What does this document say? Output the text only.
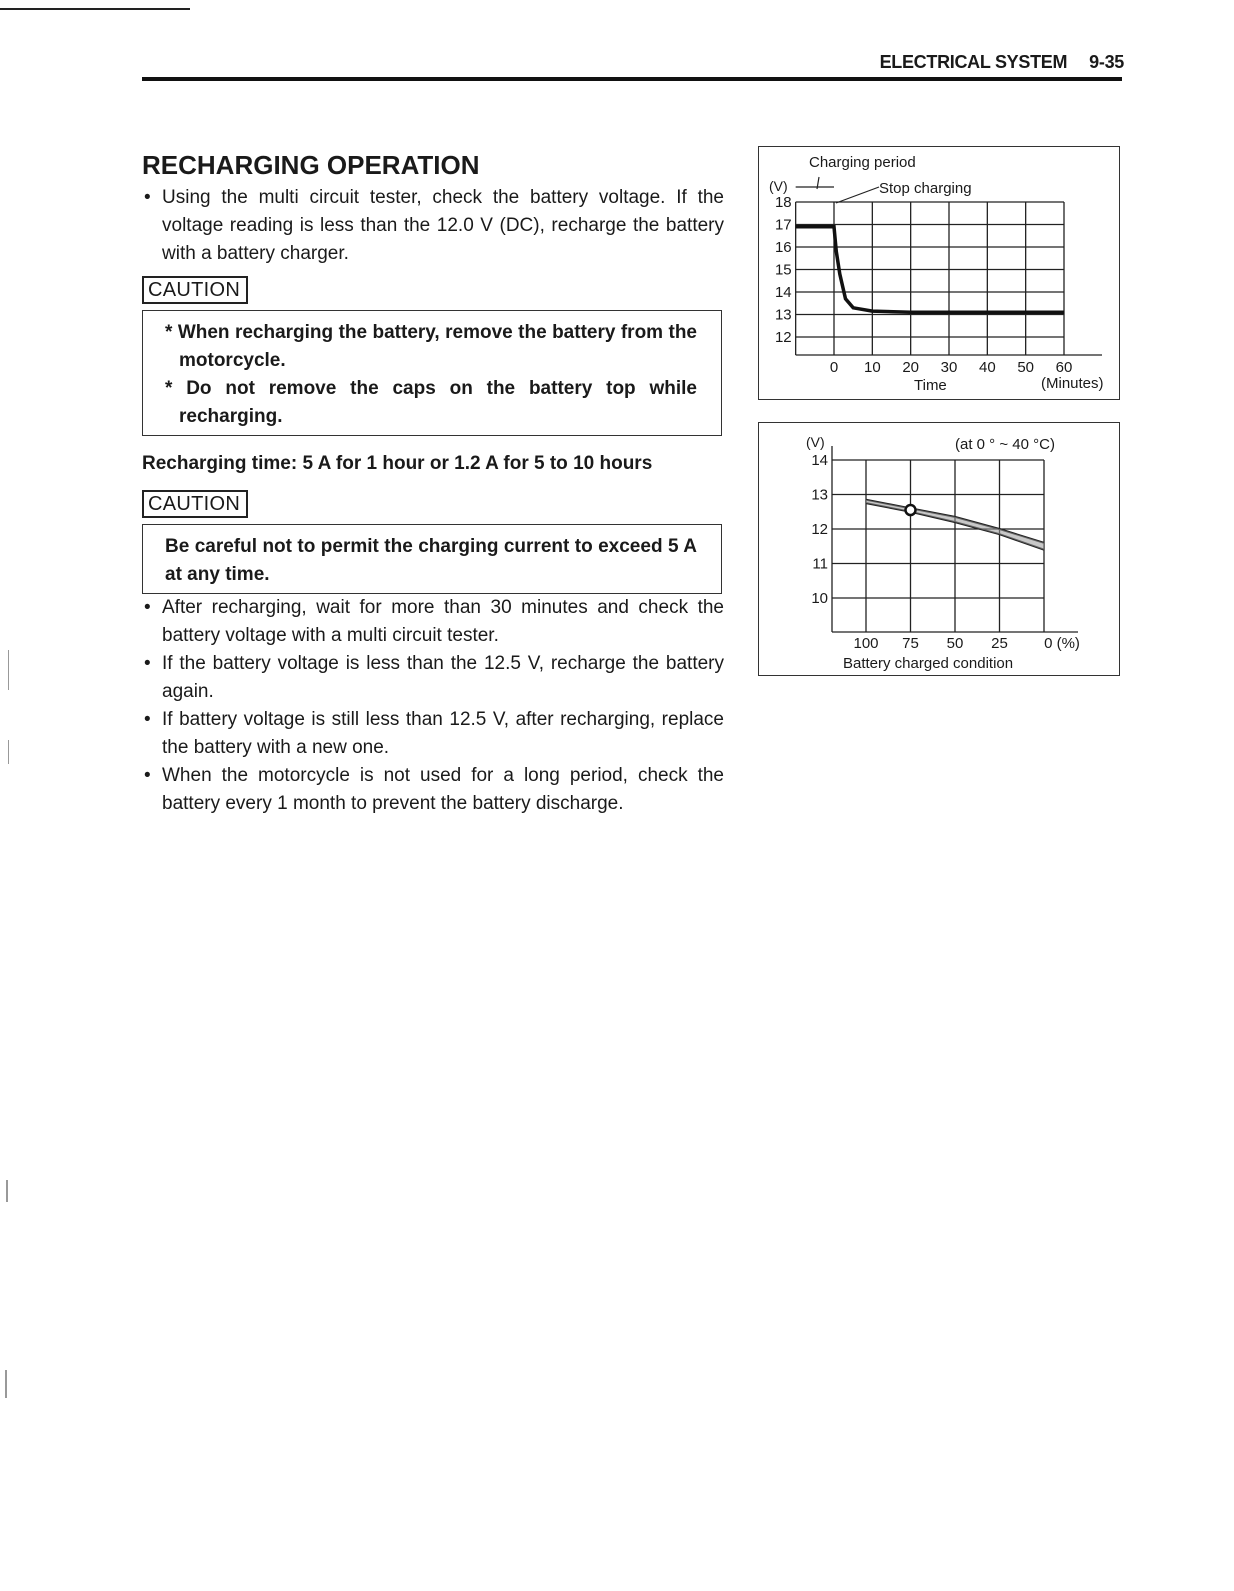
ELECTRICAL SYSTEM 9-35
RECHARGING OPERATION
• Using the multi circuit tester, check the battery voltage. If the voltage reading is less than the 12.0 V (DC), recharge the battery with a battery charger.
CAUTION
* When recharging the battery, remove the battery from the motorcycle.
* Do not remove the caps on the battery top while recharging.
Recharging time: 5 A for 1 hour or 1.2 A for 5 to 10 hours
CAUTION

Be careful not to permit the charging current to exceed 5 A at any time.

• After recharging, wait for more than 30 minutes and check the battery voltage with a multi circuit tester.
• If the battery voltage is less than the 12.5 V, recharge the battery again.
• If battery voltage is still less than 12.5 V, after recharging, replace the battery with a new one.
• When the motorcycle is not used for a long period, check the battery every 1 month to prevent the battery discharge.
Charging period
Stop charging
(V)
Time	(Minutes)
18
17
16
15
14
13
12
0 10 20 30 40 50 60
(V)	(at 0 ° ~ 40 °C)
Battery charged condition
14
13
12
11
10
100 75 50 25 0 (%)
